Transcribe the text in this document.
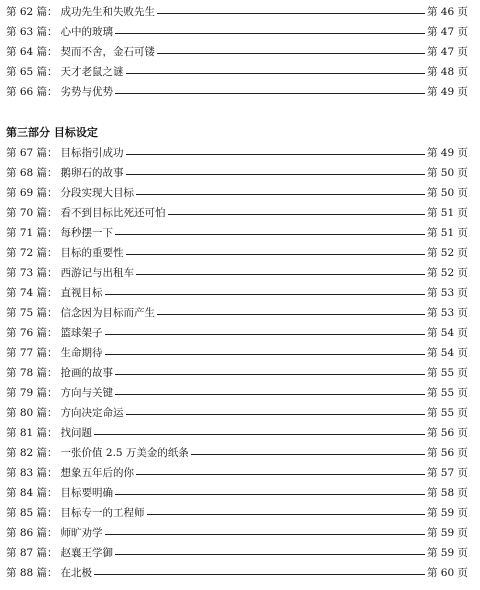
第 62 篇： 成功先生和失败先生	第 46 页
第 63 篇： 心中的玻璃	第 47 页
第 64 篇： 契而不舍，金石可镂	第 47 页
第 65 篇： 天才老鼠之谜	第 48 页
第 66 篇： 劣势与优势	第 49 页
第三部分 目标设定
第 67 篇： 目标指引成功	第 49 页
第 68 篇： 鹅卵石的故事	第 50 页
第 69 篇： 分段实现大目标	第 50 页
第 70 篇： 看不到目标比死还可怕	第 51 页
第 71 篇： 每秒摆一下	第 51 页
第 72 篇： 目标的重要性	第 52 页
第 73 篇： 西游记与出租车	第 52 页
第 74 篇： 直视目标	第 53 页
第 75 篇： 信念因为目标而产生	第 53 页
第 76 篇： 篮球架子	第 54 页
第 77 篇： 生命期待	第 54 页
第 78 篇： 抢画的故事	第 55 页
第 79 篇： 方向与关键	第 55 页
第 80 篇： 方向决定命运	第 55 页
第 81 篇： 找问题	第 56 页
第 82 篇： 一张价值 2.5 万美金的纸条	第 56 页
第 83 篇： 想象五年后的你	第 57 页
第 84 篇： 目标要明确	第 58 页
第 85 篇： 目标专一的工程师	第 59 页
第 86 篇： 师旷劝学	第 59 页
第 87 篇： 赵襄王学御	第 59 页
第 88 篇： 在北极	第 60 页
